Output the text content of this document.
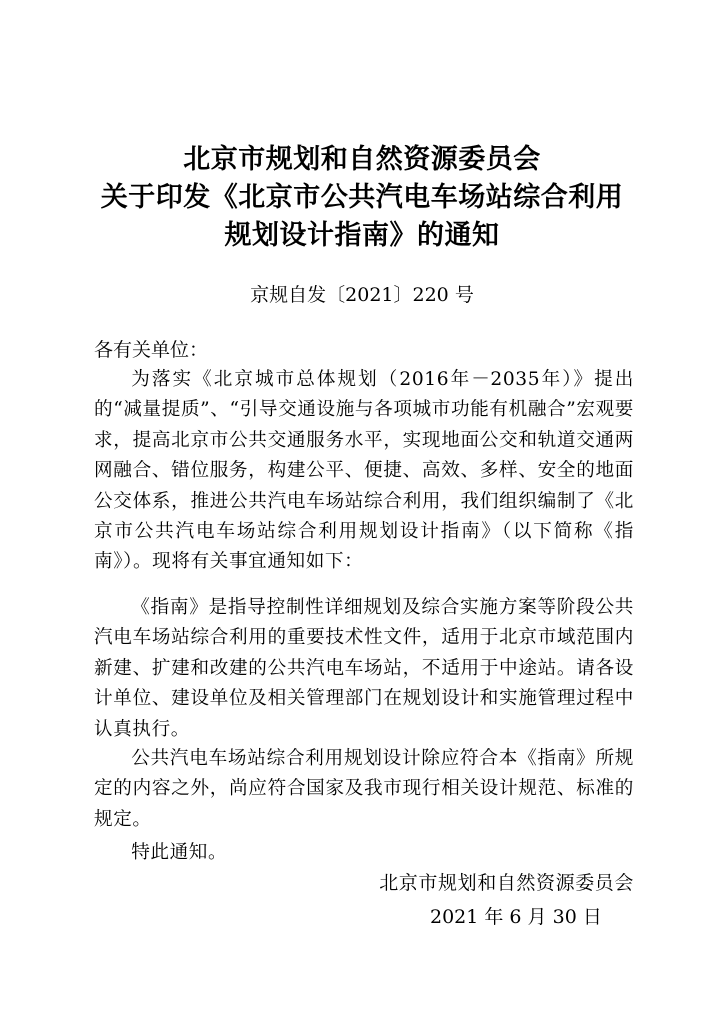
北京市规划和自然资源委员会
关于印发《北京市公共汽电车场站综合利用
规划设计指南》的通知
京规自发〔2021〕220 号
各有关单位：

为落实《北京城市总体规划（2016年－2035年）》提出的“减量提质”、“引导交通设施与各项城市功能有机融合”宏观要求，提高北京市公共交通服务水平，实现地面公交和轨道交通两网融合、错位服务，构建公平、便捷、高效、多样、安全的地面公交体系，推进公共汽电车场站综合利用，我们组织编制了《北京市公共汽电车场站综合利用规划设计指南》（以下简称《指南》）。现将有关事宜通知如下：

《指南》是指导控制性详细规划及综合实施方案等阶段公共汽电车场站综合利用的重要技术性文件，适用于北京市域范围内新建、扩建和改建的公共汽电车场站，不适用于中途站。请各设计单位、建设单位及相关管理部门在规划设计和实施管理过程中认真执行。

公共汽电车场站综合利用规划设计除应符合本《指南》所规定的内容之外，尚应符合国家及我市现行相关设计规范、标准的规定。

特此通知。

北京市规划和自然资源委员会
2021 年 6 月 30 日
